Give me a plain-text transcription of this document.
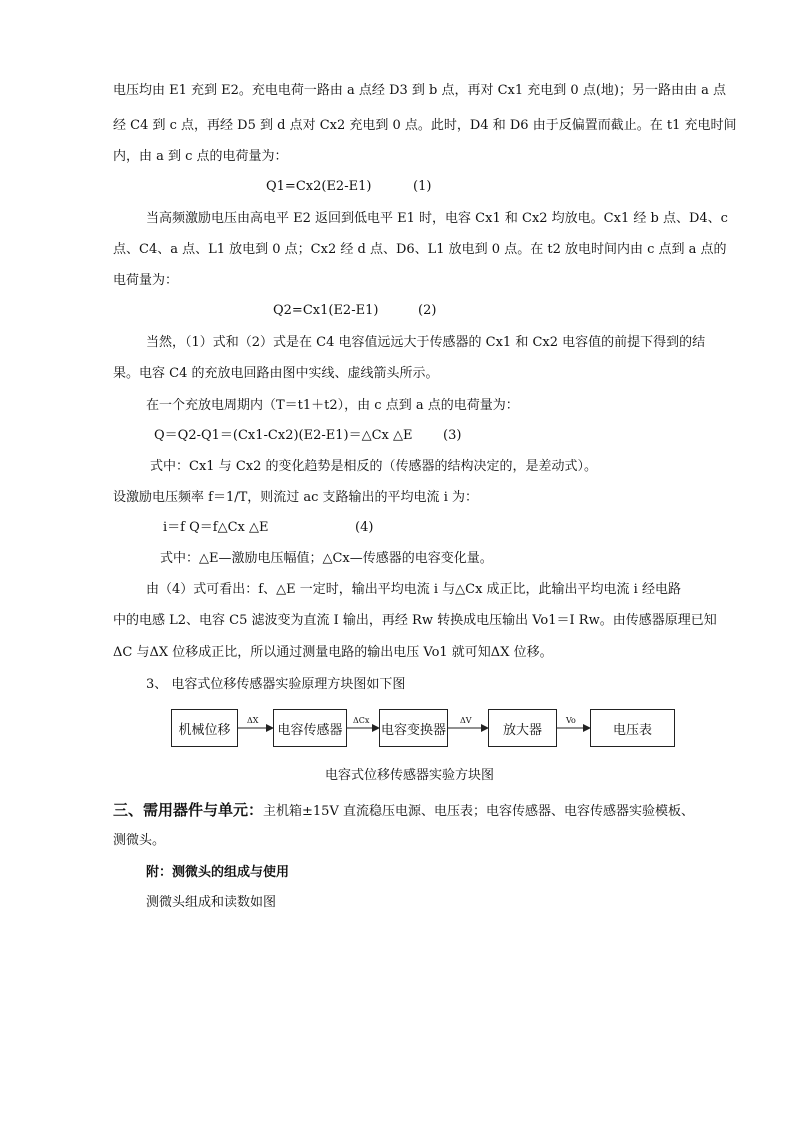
电压均由 E1 充到 E2。充电电荷一路由 a 点经 D3 到 b 点，再对 Cx1 充电到 0 点(地)；另一路由由 a 点
经 C4 到 c 点，再经 D5 到 d 点对 Cx2 充电到 0 点。此时，D4 和 D6 由于反偏置而截止。在 t1 充电时间
内，由 a 到 c 点的电荷量为：
Q1=Cx2(E2-E1)	(1)
当高频激励电压由高电平 E2 返回到低电平 E1 时，电容 Cx1 和 Cx2 均放电。Cx1 经 b 点、D4、c
点、C4、a 点、L1 放电到 0 点；Cx2 经 d 点、D6、L1 放电到 0 点。在 t2 放电时间内由 c 点到 a 点的
电荷量为：
Q2=Cx1(E2-E1)	(2)
当然，（1）式和（2）式是在 C4 电容值远远大于传感器的 Cx1 和 Cx2 电容值的前提下得到的结
果。电容 C4 的充放电回路由图中实线、虚线箭头所示。
在一个充放电周期内（T＝t1＋t2），由 c 点到 a 点的电荷量为：
Q＝Q2-Q1＝(Cx1-Cx2)(E2-E1)＝△Cx △E (3)
式中：Cx1 与 Cx2 的变化趋势是相反的（传感器的结构决定的，是差动式）。
设激励电压频率 f＝1/T，则流过 ac 支路输出的平均电流 i 为：
i＝f Q＝f△Cx △E	(4)
式中：△E—激励电压幅值；△Cx—传感器的电容变化量。
由（4）式可看出：f、△E 一定时，输出平均电流 i 与△Cx 成正比，此输出平均电流 i 经电路
中的电感 L2、电容 C5 滤波变为直流 I 输出，再经 Rw 转换成电压输出 Vo1＝I Rw。由传感器原理已知
ΔC 与ΔX 位移成正比，所以通过测量电路的输出电压 Vo1 就可知ΔX 位移。
3、 电容式位移传感器实验原理方块图如下图
机械位移	电容传感器	电容变换器	放大器	电压表
ΔX	ΔCx	ΔV	Vo
电容式位移传感器实验方块图
三、需用器件与单元：主机箱±15V 直流稳压电源、电压表；电容传感器、电容传感器实验模板、
测微头。
附：测微头的组成与使用
测微头组成和读数如图
